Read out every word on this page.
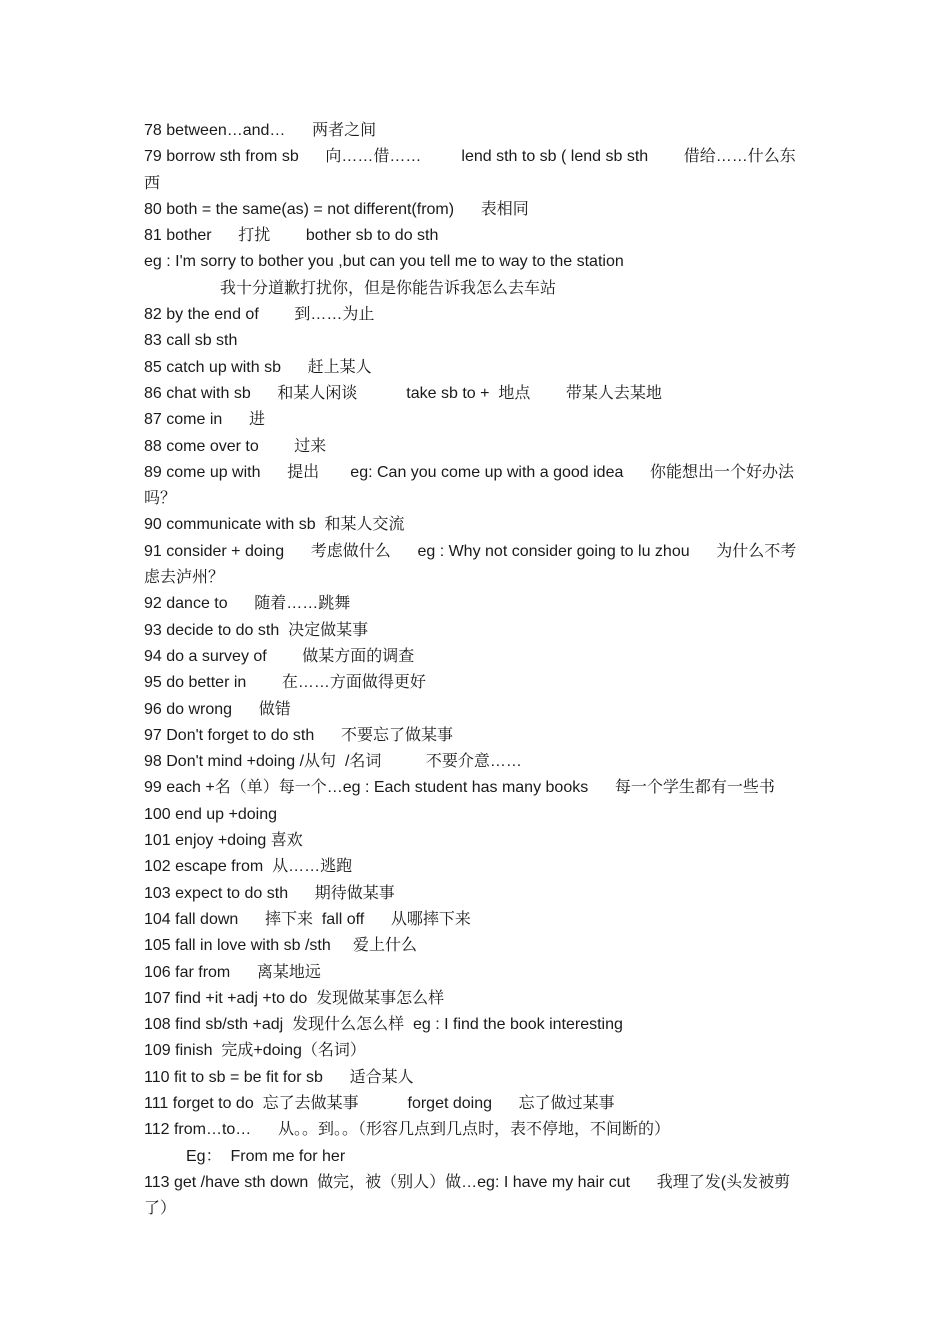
78 between…and…      两者之间
79 borrow sth from sb      向……借……         lend sth to sb ( lend sb sth        借给……什么东西
80 both = the same(as) = not different(from)      表相同
81 bother      打扰        bother sb to do sth
eg : I'm sorry to bother you ,but can you tell me to way to the station
我十分道歉打扰你，但是你能告诉我怎么去车站
82 by the end of        到……为止
83 call sb sth
85 catch up with sb      赶上某人
86 chat with sb      和某人闲谈           take sb to +  地点        带某人去某地
87 come in      进
88 come over to        过来
89 come up with      提出       eg: Can you come up with a good idea      你能想出一个好办法吗？
90 communicate with sb  和某人交流
91 consider + doing      考虑做什么      eg : Why not consider going to lu zhou      为什么不考虑去泸州？
92 dance to      随着……跳舞
93 decide to do sth  决定做某事
94 do a survey of        做某方面的调查
95 do better in        在……方面做得更好
96 do wrong      做错
97 Don't forget to do sth      不要忘了做某事
98 Don't mind +doing /从句  /名词          不要介意……
99 each +名（单）每一个…eg : Each student has many books      每一个学生都有一些书
100 end up +doing
101 enjoy +doing 喜欢
102 escape from  从……逃跑
103 expect to do sth      期待做某事
104 fall down      摔下来  fall off      从哪摔下来
105 fall in love with sb /sth     爱上什么
106 far from      离某地远
107 find +it +adj +to do  发现做某事怎么样
108 find sb/sth +adj  发现什么怎么样  eg : I find the book interesting
109 finish  完成+doing（名词）
110 fit to sb = be fit for sb      适合某人
111 forget to do  忘了去做某事           forget doing      忘了做过某事
112 from…to…      从。。到。。（形容几点到几点时，表不停地，不间断的）
Eg：  From me for her
113 get /have sth down  做完，被（别人）做…eg: I have my hair cut      我理了发(头发被剪了）
